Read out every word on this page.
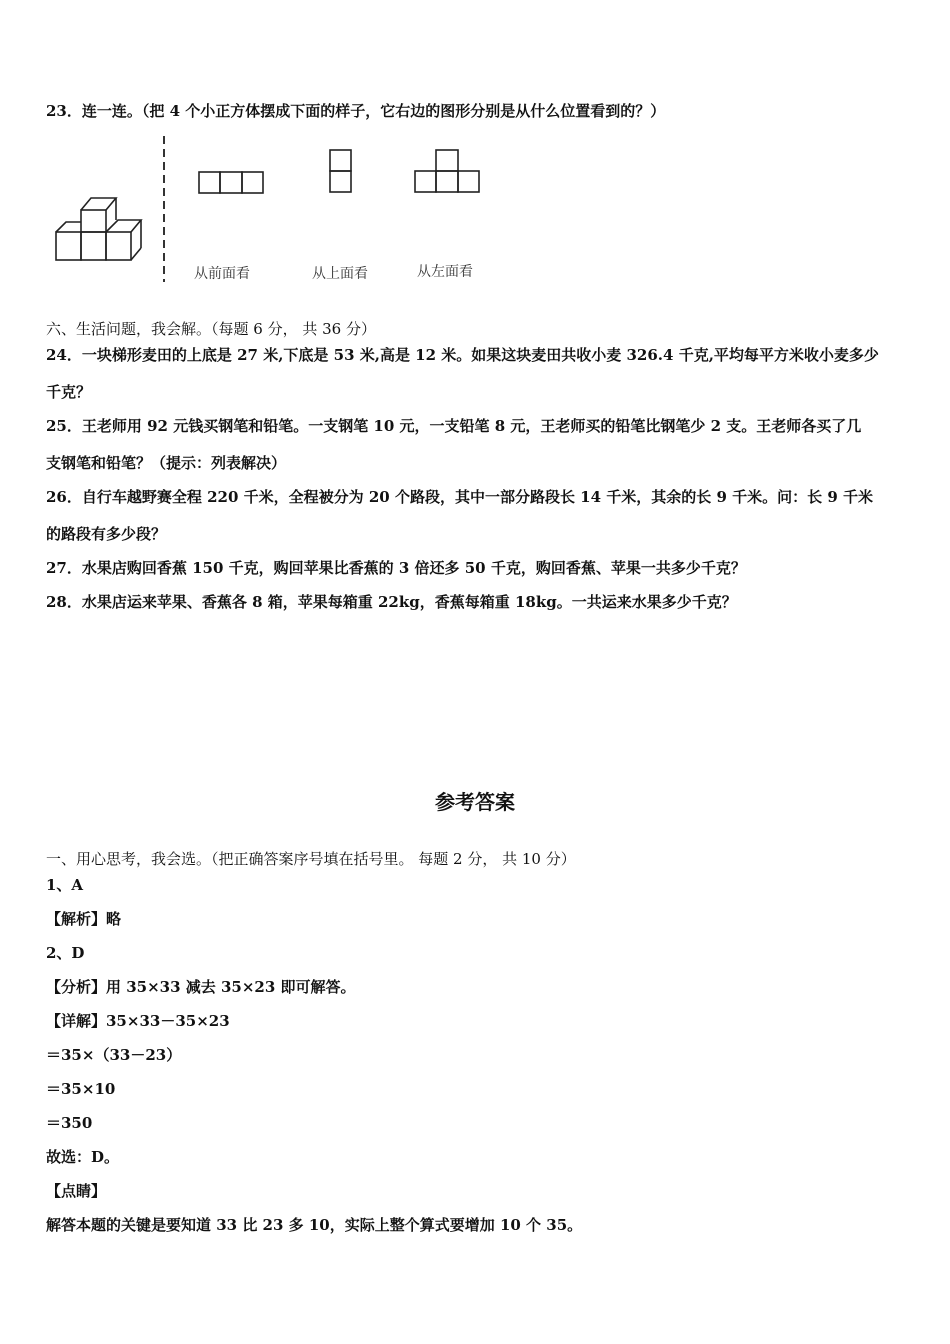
23．连一连。（把 4 个小正方体摆成下面的样子，它右边的图形分别是从什么位置看到的？）
从前面看	从上面看	从左面看
六、生活问题，我会解。（每题 6 分， 共 36 分）
24．一块梯形麦田的上底是 27 米,下底是 53 米,高是 12 米。如果这块麦田共收小麦 326.4 千克,平均每平方米收小麦多少
千克？
25．王老师用 92 元钱买钢笔和铅笔。一支钢笔 10 元，一支铅笔 8 元，王老师买的铅笔比钢笔少 2 支。王老师各买了几
支钢笔和铅笔？（提示：列表解决）
26．自行车越野赛全程 220 千米，全程被分为 20 个路段，其中一部分路段长 14 千米，其余的长 9 千米。问：长 9 千米
的路段有多少段？
27．水果店购回香蕉 150 千克，购回苹果比香蕉的 3 倍还多 50 千克，购回香蕉、苹果一共多少千克？
28．水果店运来苹果、香蕉各 8 箱，苹果每箱重 22kg，香蕉每箱重 18kg。一共运来水果多少千克？
参考答案
一、用心思考，我会选。（把正确答案序号填在括号里。 每题 2 分， 共 10 分）
1、A
【解析】略
2、D
【分析】用 35×33 减去 35×23 即可解答。
【详解】35×33－35×23
＝35×（33－23）
＝35×10
＝350
故选：D。
【点睛】
解答本题的关键是要知道 33 比 23 多 10，实际上整个算式要增加 10 个 35。
